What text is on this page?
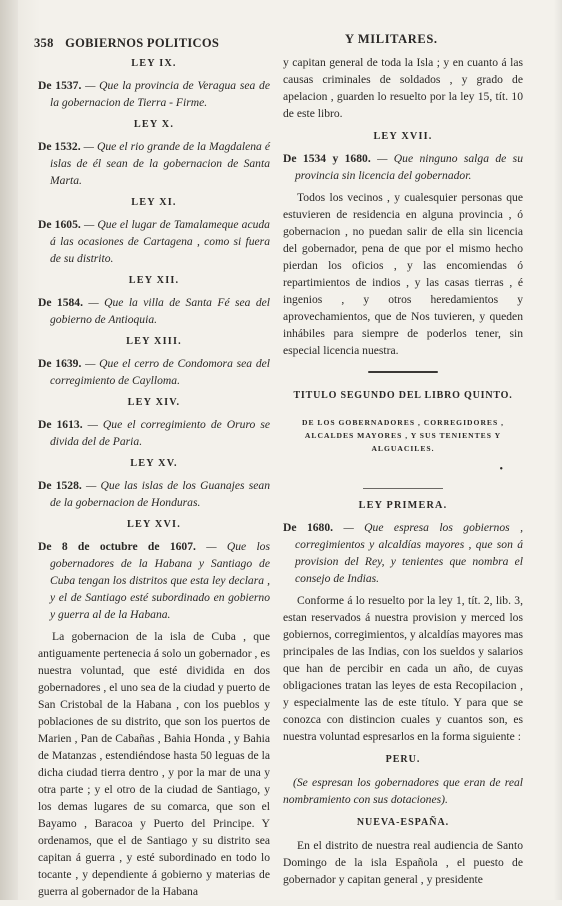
358 GOBIERNOS POLITICOS	Y MILITARES.
LEY IX.
De 1537. — Que la provincia de Veragua sea de la gobernacion de Tierra - Firme.
LEY X.
De 1532. — Que el rio grande de la Magdalena é islas de él sean de la gobernacion de Santa Marta.
LEY XI.
De 1605. — Que el lugar de Tamalameque acuda á las ocasiones de Cartagena , como si fuera de su distrito.
LEY XII.
De 1584. — Que la villa de Santa Fé sea del gobierno de Antioquia.
LEY XIII.
De 1639. — Que el cerro de Condomora sea del corregimiento de Caylloma.
LEY XIV.
De 1613. — Que el corregimiento de Oruro se divida del de Paria.
LEY XV.
De 1528. — Que las islas de los Guanajes sean de la gobernacion de Honduras.
LEY XVI.
De 8 de octubre de 1607. — Que los gobernadores de la Habana y Santiago de Cuba tengan los distritos que esta ley declara , y el de Santiago esté subordinado en gobierno y guerra al de la Habana.

La gobernacion de la isla de Cuba , que antiguamente pertenecia á solo un gobernador , es nuestra voluntad, que esté dividida en dos gobernadores , el uno sea de la ciudad y puerto de San Cristobal de la Habana , con los pueblos y poblaciones de su distrito, que son los puertos de Marien , Pan de Cabañas , Bahia Honda , y Bahia de Matanzas , estendiéndose hasta 50 leguas de la dicha ciudad tierra dentro , y por la mar de una y otra parte ; y el otro de la ciudad de Santiago, y los demas lugares de su comarca, que son el Bayamo , Baracoa y Puerto del Principe. Y ordenamos, que el de Santiago y su distrito sea capitan á guerra , y esté subordinado en todo lo tocante , y dependiente á gobierno y materias de guerra al gobernador de la Habana

y capitan general de toda la Isla ; y en cuanto á las causas criminales de soldados , y grado de apelacion , guarden lo resuelto por la ley 15, tít. 10 de este libro.

LEY XVII.
De 1534 y 1680. — Que ninguno salga de su provincia sin licencia del gobernador.

Todos los vecinos , y cualesquier personas que estuvieren de residencia en alguna provincia , ó gobernacion , no puedan salir de ella sin licencia del gobernador, pena de que por el mismo hecho pierdan los oficios , y las encomiendas ó repartimientos de indios , y las casas tierras , é ingenios , y otros heredamientos y aprovechamientos, que de Nos tuvieren, y queden inhábiles para siempre de poderlos tener, sin especial licencia nuestra.

TITULO SEGUNDO DEL LIBRO QUINTO.
DE LOS GOBERNADORES , CORREGIDORES , ALCALDES MAYORES , Y SUS TENIENTES Y ALGUACILES.
•
LEY PRIMERA.
De 1680. — Que espresa los gobiernos , corregimientos y alcaldías mayores , que son á provision del Rey, y tenientes que nombra el consejo de Indias.

Conforme á lo resuelto por la ley 1, tít. 2, lib. 3, estan reservados á nuestra provision y merced los gobiernos, corregimientos, y alcaldías mayores mas principales de las Indias, con los sueldos y salarios que han de percibir en cada un año, de cuyas obligaciones tratan las leyes de esta Recopilacion , y especialmente las de este título. Y para que se conozca con distincion cuales y cuantos son, es nuestra voluntad espresarlos en la forma siguiente :

PERU.

(Se espresan los gobernadores que eran de real nombramiento con sus dotaciones).

NUEVA-ESPAÑA.

En el distrito de nuestra real audiencia de Santo Domingo de la isla Española , el puesto de gobernador y capitan general , y presidente
